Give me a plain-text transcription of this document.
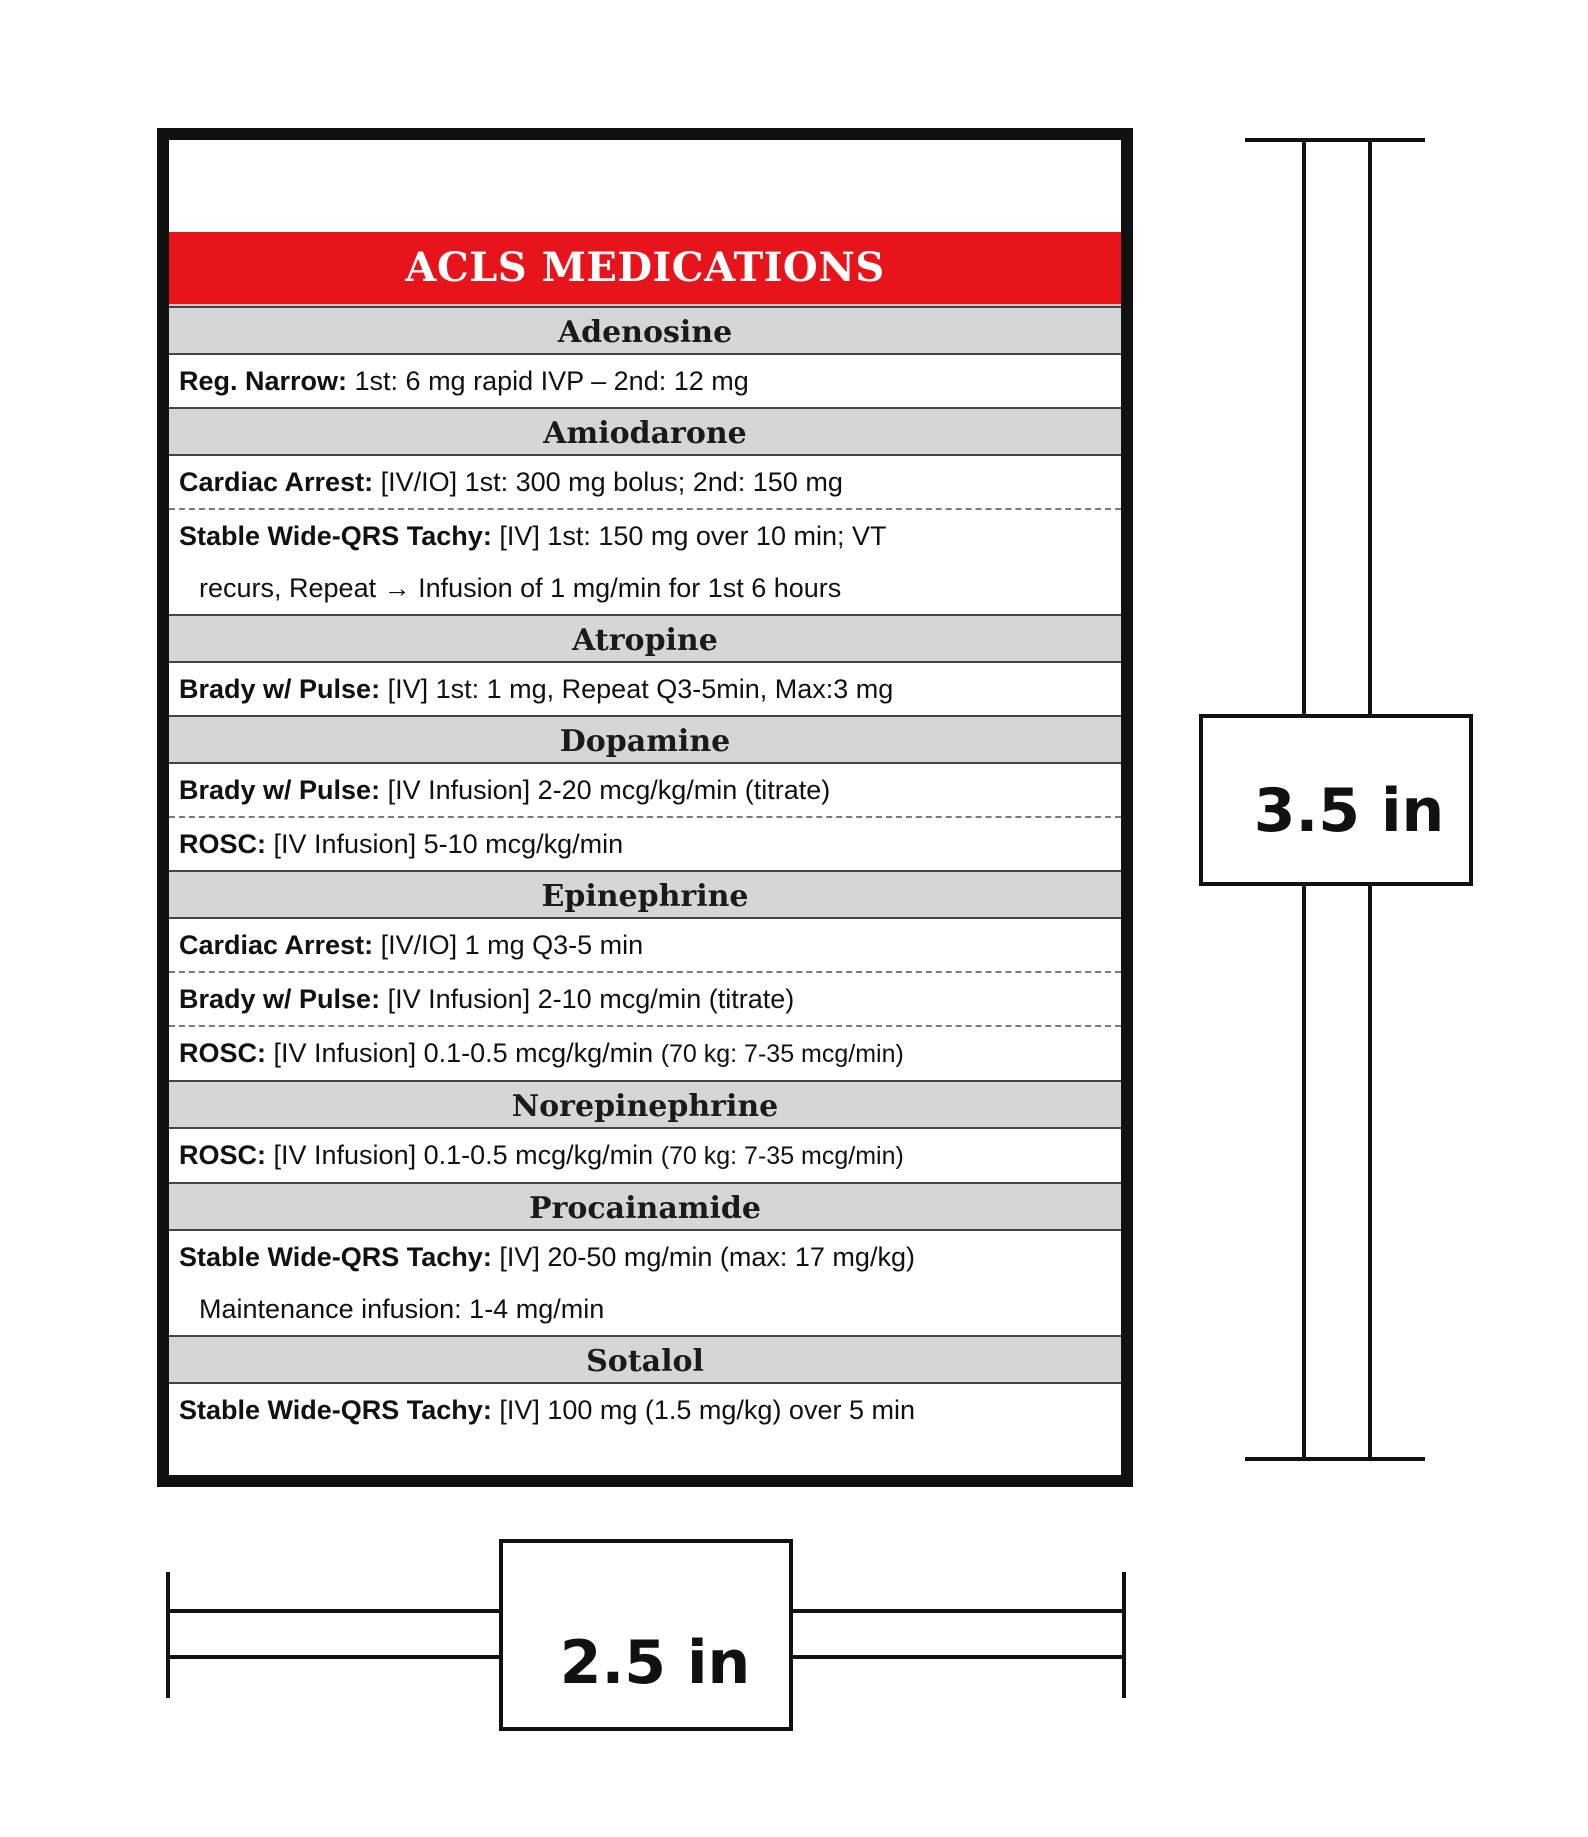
3.5 in
2.5 in
ACLS MEDICATIONS
Adenosine
Reg. Narrow: 1st: 6 mg rapid IVP – 2nd: 12 mg
Amiodarone
Cardiac Arrest: [IV/IO] 1st: 300 mg bolus; 2nd: 150 mg
Stable Wide-QRS Tachy: [IV] 1st: 150 mg over 10 min; VT
recurs, Repeat → Infusion of 1 mg/min for 1st 6 hours
Atropine
Brady w/ Pulse: [IV] 1st: 1 mg, Repeat Q3-5min, Max:3 mg
Dopamine
Brady w/ Pulse: [IV Infusion] 2-20 mcg/kg/min (titrate)
ROSC: [IV Infusion] 5-10 mcg/kg/min
Epinephrine
Cardiac Arrest: [IV/IO] 1 mg Q3-5 min
Brady w/ Pulse: [IV Infusion] 2-10 mcg/min (titrate)
ROSC: [IV Infusion] 0.1-0.5 mcg/kg/min (70 kg: 7-35 mcg/min)
Norepinephrine
ROSC: [IV Infusion] 0.1-0.5 mcg/kg/min (70 kg: 7-35 mcg/min)
Procainamide
Stable Wide-QRS Tachy: [IV] 20-50 mg/min (max: 17 mg/kg)
Maintenance infusion: 1-4 mg/min
Sotalol
Stable Wide-QRS Tachy: [IV] 100 mg (1.5 mg/kg) over 5 min
